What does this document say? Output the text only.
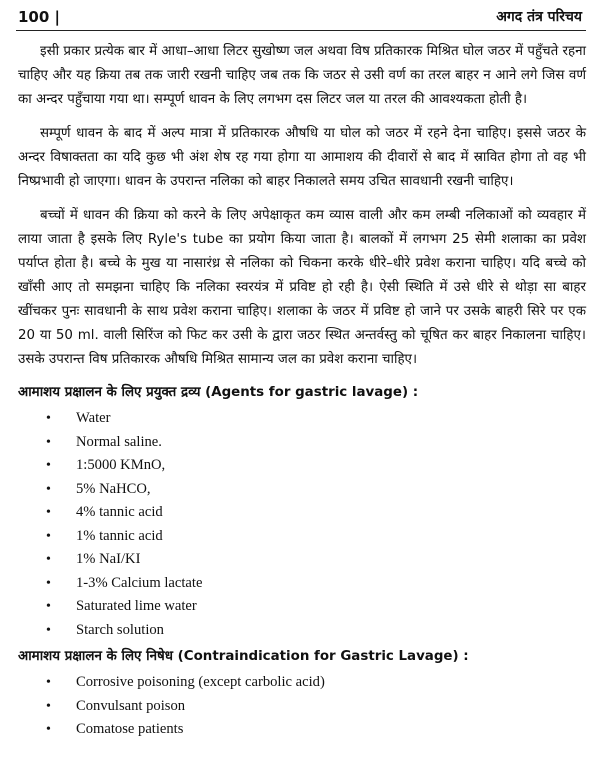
100 |	अगद तंत्र परिचय

इसी प्रकार प्रत्येक बार में आधा–आधा लिटर सुखोष्ण जल अथवा विष प्रतिकारक मिश्रित घोल जठर में पहुँचते रहना चाहिए और यह क्रिया तब तक जारी रखनी चाहिए जब तक कि जठर से उसी वर्ण का तरल बाहर न आने लगे जिस वर्ण का अन्दर पहुँचाया गया था। सम्पूर्ण धावन के लिए लगभग दस लिटर जल या तरल की आवश्यकता होती है।

सम्पूर्ण धावन के बाद में अल्प मात्रा में प्रतिकारक औषधि या घोल को जठर में रहने देना चाहिए। इससे जठर के अन्दर विषाक्तता का यदि कुछ भी अंश शेष रह गया होगा या आमाशय की दीवारों से बाद में स्रावित होगा तो वह भी निष्प्रभावी हो जाएगा। धावन के उपरान्त नलिका को बाहर निकालते समय उचित सावधानी रखनी चाहिए।

बच्चों में धावन की क्रिया को करने के लिए अपेक्षाकृत कम व्यास वाली और कम लम्बी नलिकाओं को व्यवहार में लाया जाता है इसके लिए Ryle's tube का प्रयोग किया जाता है। बालकों में लगभग 25 सेमी शलाका का प्रवेश पर्याप्त होता है। बच्चे के मुख या नासारंध्र से नलिका को चिकना करके धीरे–धीरे प्रवेश कराना चाहिए। यदि बच्चे को खाँसी आए तो समझना चाहिए कि नलिका स्वरयंत्र में प्रविष्ट हो रही है। ऐसी स्थिति में उसे धीरे से थोड़ा सा बाहर खींचकर पुनः सावधानी के साथ प्रवेश कराना चाहिए। शलाका के जठर में प्रविष्ट हो जाने पर उसके बाहरी सिरे पर एक 20 या 50 ml. वाली सिरिंज को फिट कर उसी के द्वारा जठर स्थित अन्तर्वस्तु को चूषित कर बाहर निकालना चाहिए। उसके उपरान्त विष प्रतिकारक औषधि मिश्रित सामान्य जल का प्रवेश कराना चाहिए।

आमाशय प्रक्षालन के लिए प्रयुक्त द्रव्य (Agents for gastric lavage) :
• Water
• Normal saline.
• 1:5000 KMnO,
• 5% NaHCO,
• 4% tannic acid
• 1% tannic acid
• 1% NaI/KI
• 1-3% Calcium lactate
• Saturated lime water
• Starch solution
आमाशय प्रक्षालन के लिए निषेध (Contraindication for Gastric Lavage) :
• Corrosive poisoning (except carbolic acid)
• Convulsant poison
• Comatose patients
